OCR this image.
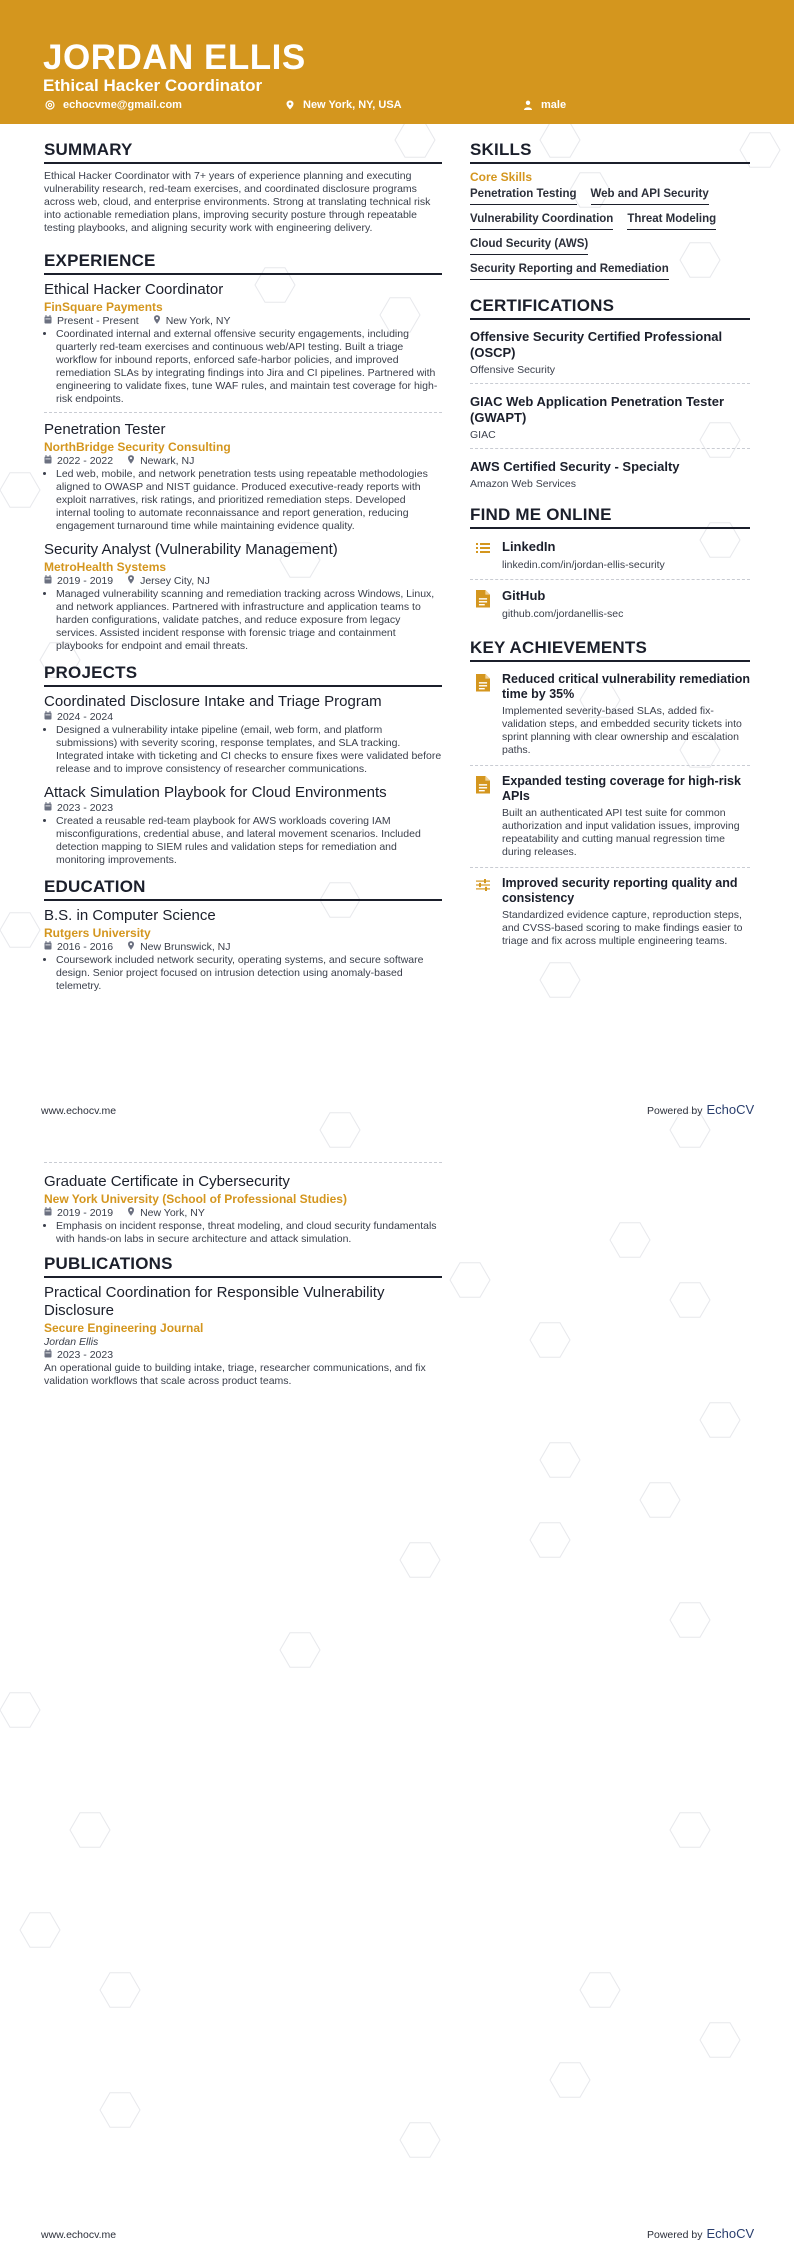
JORDAN ELLIS
Ethical Hacker Coordinator
echocvme@gmail.com	New York, NY, USA	male
SUMMARY

Ethical Hacker Coordinator with 7+ years of experience planning and executing vulnerability research, red-team exercises, and coordinated disclosure programs across web, cloud, and enterprise environments. Strong at translating technical risk into actionable remediation plans, improving security posture through repeatable testing playbooks, and aligning security work with engineering delivery.

EXPERIENCE
Ethical Hacker Coordinator
FinSquare Payments
Present - Present	New York, NY
• Coordinated internal and external offensive security engagements, including quarterly red-team exercises and continuous web/API testing. Built a triage workflow for inbound reports, enforced safe-harbor policies, and improved remediation SLAs by integrating findings into Jira and CI pipelines. Partnered with engineering to validate fixes, tune WAF rules, and maintain test coverage for high-risk endpoints.
Penetration Tester
NorthBridge Security Consulting
2022 - 2022	Newark, NJ
• Led web, mobile, and network penetration tests using repeatable methodologies aligned to OWASP and NIST guidance. Produced executive-ready reports with exploit narratives, risk ratings, and prioritized remediation steps. Developed internal tooling to automate reconnaissance and report generation, reducing engagement turnaround time while maintaining evidence quality.
Security Analyst (Vulnerability Management)
MetroHealth Systems
2019 - 2019	Jersey City, NJ
• Managed vulnerability scanning and remediation tracking across Windows, Linux, and network appliances. Partnered with infrastructure and application teams to harden configurations, validate patches, and reduce exposure from legacy services. Assisted incident response with forensic triage and containment playbooks for endpoint and email threats.
PROJECTS
Coordinated Disclosure Intake and Triage Program
2024 - 2024
• Designed a vulnerability intake pipeline (email, web form, and platform submissions) with severity scoring, response templates, and SLA tracking. Integrated intake with ticketing and CI checks to ensure fixes were validated before release and to improve consistency of researcher communications.
Attack Simulation Playbook for Cloud Environments
2023 - 2023
• Created a reusable red-team playbook for AWS workloads covering IAM misconfigurations, credential abuse, and lateral movement scenarios. Included detection mapping to SIEM rules and validation steps for remediation and monitoring improvements.
EDUCATION
B.S. in Computer Science
Rutgers University
2016 - 2016	New Brunswick, NJ
• Coursework included network security, operating systems, and secure software design. Senior project focused on intrusion detection using anomaly-based telemetry.
SKILLS
Core Skills
Penetration Testing Web and API Security
Vulnerability Coordination Threat Modeling
Cloud Security (AWS)
Security Reporting and Remediation
CERTIFICATIONS
Offensive Security Certified Professional (OSCP)
Offensive Security
GIAC Web Application Penetration Tester (GWAPT)
GIAC
AWS Certified Security - Specialty
Amazon Web Services
FIND ME ONLINE
LinkedIn
linkedin.com/in/jordan-ellis-security
GitHub
github.com/jordanellis-sec
KEY ACHIEVEMENTS
Reduced critical vulnerability remediation time by 35%
Implemented severity-based SLAs, added fix-validation steps, and embedded security tickets into sprint planning with clear ownership and escalation paths.
Expanded testing coverage for high-risk APIs
Built an authenticated API test suite for common authorization and input validation issues, improving repeatability and cutting manual regression time during releases.
Improved security reporting quality and consistency
Standardized evidence capture, reproduction steps, and CVSS-based scoring to make findings easier to triage and fix across multiple engineering teams.
www.echocv.me	Powered by EchoCV
Graduate Certificate in Cybersecurity
New York University (School of Professional Studies)
2019 - 2019	New York, NY
• Emphasis on incident response, threat modeling, and cloud security fundamentals with hands-on labs in secure architecture and attack simulation.
PUBLICATIONS
Practical Coordination for Responsible Vulnerability Disclosure
Secure Engineering Journal
Jordan Ellis
2023 - 2023

An operational guide to building intake, triage, researcher communications, and fix validation workflows that scale across product teams.

www.echocv.me	Powered by EchoCV
